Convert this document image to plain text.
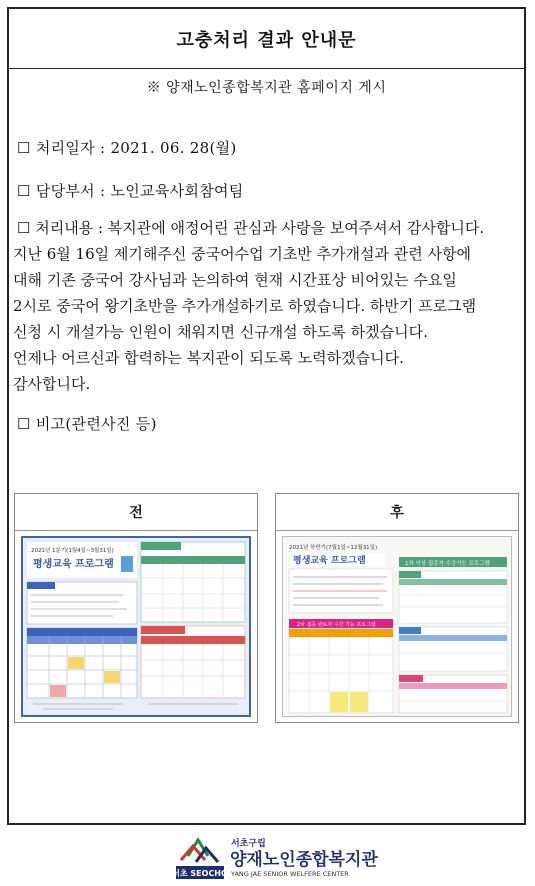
고충처리 결과 안내문
※ 양재노인종합복지관 홈페이지 게시
☐ 처리일자 : 2021. 06. 28(월)
☐ 담당부서 : 노인교육사회참여팀
☐ 처리내용 : 복지관에 애정어린 관심과 사랑을 보여주셔서 감사합니다.
지난 6월 16일 제기해주신 중국어수업 기초반 추가개설과 관련 사항에
대해 기존 중국어 강사님과 논의하여 현재 시간표상 비어있는 수요일
2시로 중국어 왕기초반을 추가개설하기로 하였습니다. 하반기 프로그램
신청 시 개설가능 인원이 채워지면 신규개설 하도록 하겠습니다.
언제나 어르신과 합력하는 복지관이 되도록 노력하겠습니다.
감사합니다.
☐ 비고(관련사진 등)
전
2021년 1분기(1월4일~3월31일)
평생교육 프로그램
후
2021년 하반기(7월1일~12월31일)
평생교육 프로그램
2차 접종 완료자 수강 가능 프로그램
1차 이상 접종자 수강가능 프로그램
서초 SEOCHO
서초구립
양재노인종합복지관
YANG JAE SENIOR WELFERE CENTER
